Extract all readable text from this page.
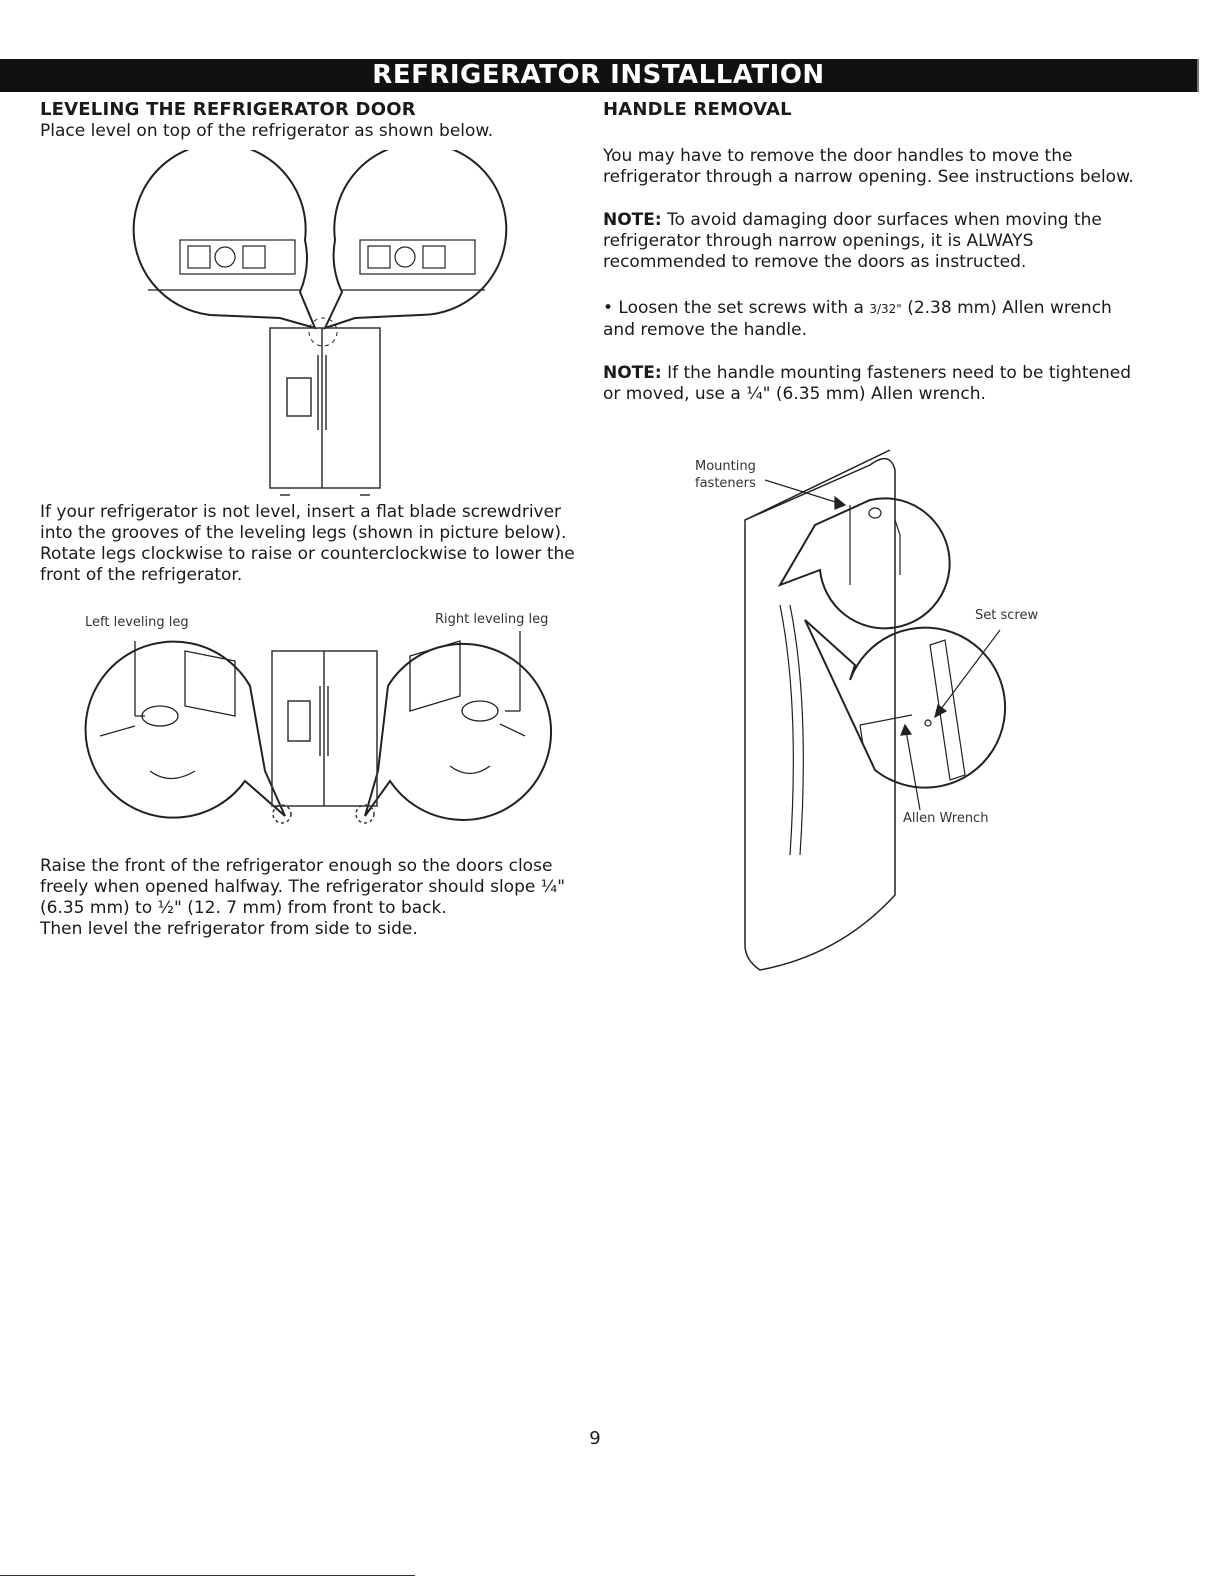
REFRIGERATOR INSTALLATION
LEVELING THE REFRIGERATOR DOOR

Place level on top of the refrigerator as shown below.

If your refrigerator is not level, insert a flat blade screwdriver into the grooves of the leveling legs (shown in picture below). Rotate legs clockwise to raise or counterclockwise to lower the front of the refrigerator.

Raise the front of the refrigerator enough so the doors close freely when opened halfway. The refrigerator should slope ¼" (6.35 mm) to ½" (12. 7 mm) from front to back.

Then level the refrigerator from side to side.

HANDLE REMOVAL

You may have to remove the door handles to move the refrigerator through a narrow opening. See instructions below.

NOTE: To avoid damaging door surfaces when moving the refrigerator through narrow openings, it is ALWAYS recommended to remove the doors as instructed.

• Loosen the set screws with a 3/32" (2.38 mm) Allen wrench and remove the handle.

NOTE: If the handle mounting fasteners need to be tightened or moved, use a ¼" (6.35 mm) Allen wrench.

Left leveling leg	Right leveling leg
Mounting
fasteners
Set screw
Allen Wrench
9
